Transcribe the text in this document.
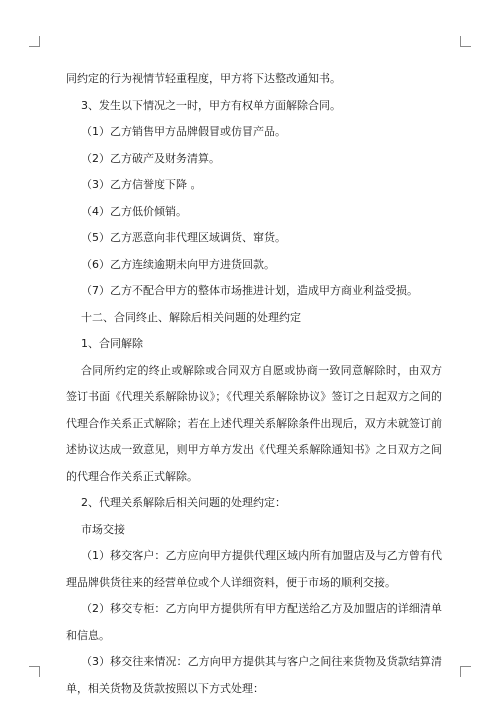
同约定的行为视情节轻重程度，甲方将下达整改通知书。
3、发生以下情况之一时，甲方有权单方面解除合同。
（1）乙方销售甲方品牌假冒或仿冒产品。
（2）乙方破产及财务清算。
（3）乙方信誉度下降 。
（4）乙方低价倾销。
（5）乙方恶意向非代理区域调货、窜货。
（6）乙方连续逾期未向甲方进货回款。
（7）乙方不配合甲方的整体市场推进计划，造成甲方商业利益受损。
十二、合同终止、解除后相关问题的处理约定
1、合同解除
合同所约定的终止或解除或合同双方自愿或协商一致同意解除时，由双方签订书面《代理关系解除协议》；《代理关系解除协议》签订之日起双方之间的代理合作关系正式解除；若在上述代理关系解除条件出现后，双方未就签订前述协议达成一致意见，则甲方单方发出《代理关系解除通知书》之日双方之间的代理合作关系正式解除。
2、代理关系解除后相关问题的处理约定：
市场交接
（1）移交客户：乙方应向甲方提供代理区域内所有加盟店及与乙方曾有代理品牌供货往来的经营单位或个人详细资料，便于市场的顺利交接。
（2）移交专柜：乙方向甲方提供所有甲方配送给乙方及加盟店的详细清单和信息。
（3）移交往来情况：乙方向甲方提供其与客户之间往来货物及货款结算清单，相关货物及货款按照以下方式处理：
